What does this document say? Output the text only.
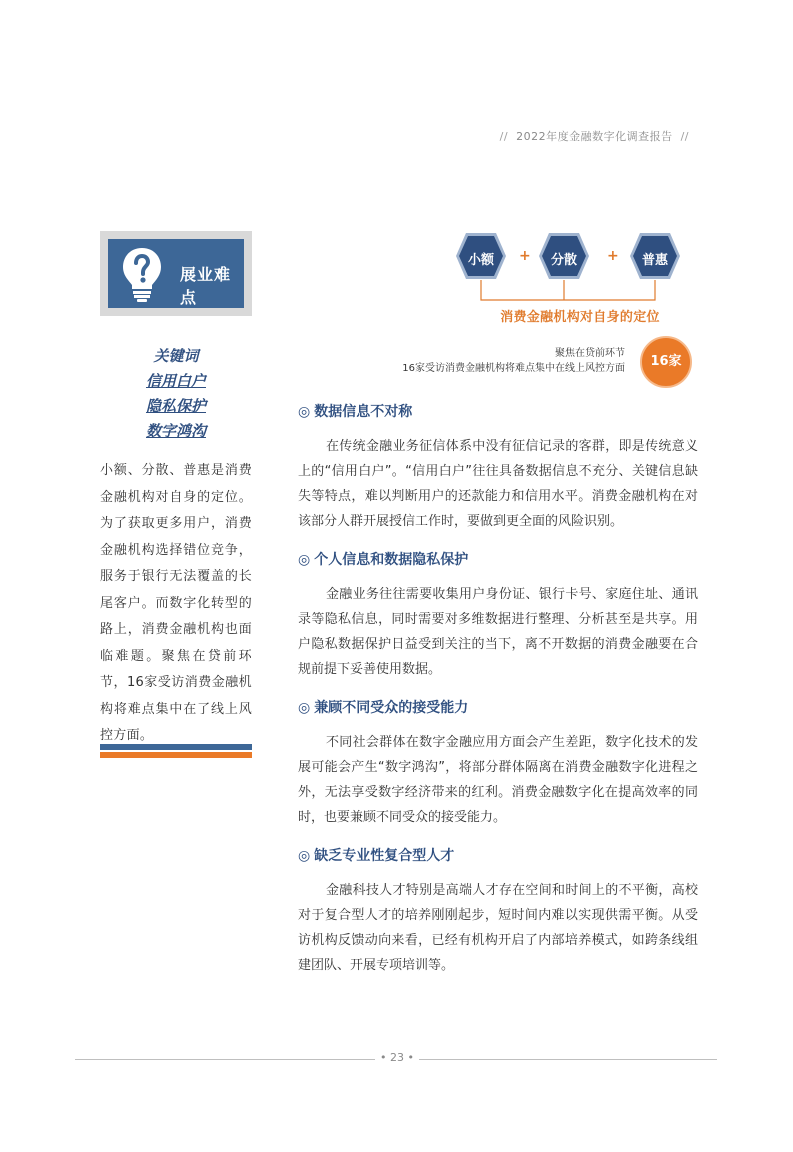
// 2022年度金融数字化调查报告 //
展业难点
关键词
信用白户
隐私保护
数字鸿沟
小额、分散、普惠是消费金融机构对自身的定位。为了获取更多用户，消费金融机构选择错位竞争，服务于银行无法覆盖的长尾客户。而数字化转型的路上，消费金融机构也面临难题。聚焦在贷前环节，16家受访消费金融机构将难点集中在了线上风控方面。
小额	分散	普惠
+	+
消费金融机构对自身的定位
聚焦在贷前环节
16家受访消费金融机构将难点集中在线上风控方面	16家
◎ 数据信息不对称

在传统金融业务征信体系中没有征信记录的客群，即是传统意义上的“信用白户”。“信用白户”往往具备数据信息不充分、关键信息缺失等特点，难以判断用户的还款能力和信用水平。消费金融机构在对该部分人群开展授信工作时，要做到更全面的风险识别。

◎ 个人信息和数据隐私保护

金融业务往往需要收集用户身份证、银行卡号、家庭住址、通讯录等隐私信息，同时需要对多维数据进行整理、分析甚至是共享。用户隐私数据保护日益受到关注的当下，离不开数据的消费金融要在合规前提下妥善使用数据。

◎ 兼顾不同受众的接受能力

不同社会群体在数字金融应用方面会产生差距，数字化技术的发展可能会产生“数字鸿沟”，将部分群体隔离在消费金融数字化进程之外，无法享受数字经济带来的红利。消费金融数字化在提高效率的同时，也要兼顾不同受众的接受能力。

◎ 缺乏专业性复合型人才

金融科技人才特别是高端人才存在空间和时间上的不平衡，高校对于复合型人才的培养刚刚起步，短时间内难以实现供需平衡。从受访机构反馈动向来看，已经有机构开启了内部培养模式，如跨条线组建团队、开展专项培训等。

• 23 •
